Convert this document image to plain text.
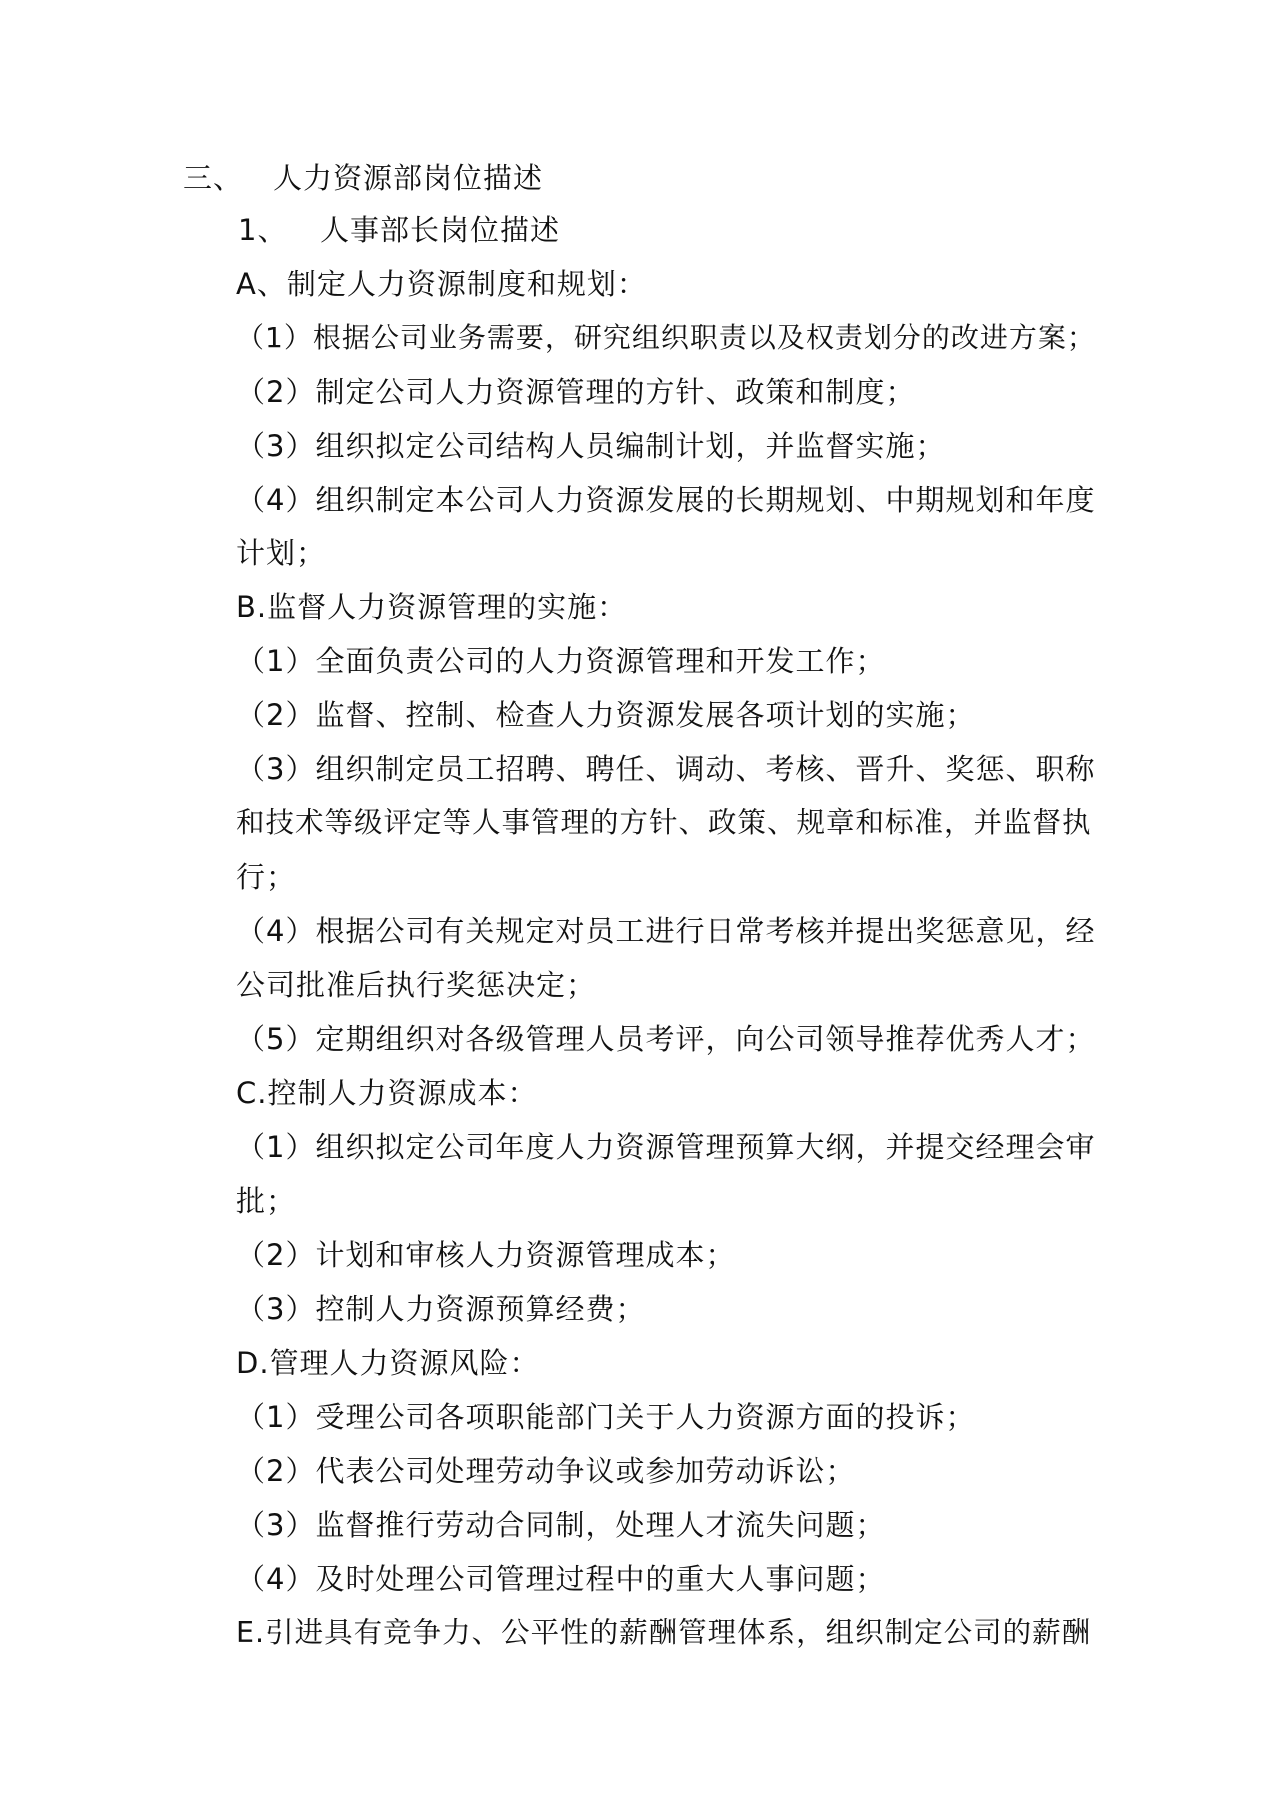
三、 人力资源部岗位描述
1、 人事部长岗位描述
A、制定人力资源制度和规划：
（1）根据公司业务需要，研究组织职责以及权责划分的改进方案；
（2）制定公司人力资源管理的方针、政策和制度；
（3）组织拟定公司结构人员编制计划，并监督实施；
（4）组织制定本公司人力资源发展的长期规划、中期规划和年度
计划；
B.监督人力资源管理的实施：
（1）全面负责公司的人力资源管理和开发工作；
（2）监督、控制、检查人力资源发展各项计划的实施；
（3）组织制定员工招聘、聘任、调动、考核、晋升、奖惩、职称
和技术等级评定等人事管理的方针、政策、规章和标准，并监督执
行；
（4）根据公司有关规定对员工进行日常考核并提出奖惩意见，经
公司批准后执行奖惩决定；
（5）定期组织对各级管理人员考评，向公司领导推荐优秀人才；
C.控制人力资源成本：
（1）组织拟定公司年度人力资源管理预算大纲，并提交经理会审
批；
（2）计划和审核人力资源管理成本；
（3）控制人力资源预算经费；
D.管理人力资源风险：
（1）受理公司各项职能部门关于人力资源方面的投诉；
（2）代表公司处理劳动争议或参加劳动诉讼；
（3）监督推行劳动合同制，处理人才流失问题；
（4）及时处理公司管理过程中的重大人事问题；
E.引进具有竞争力、公平性的薪酬管理体系，组织制定公司的薪酬
